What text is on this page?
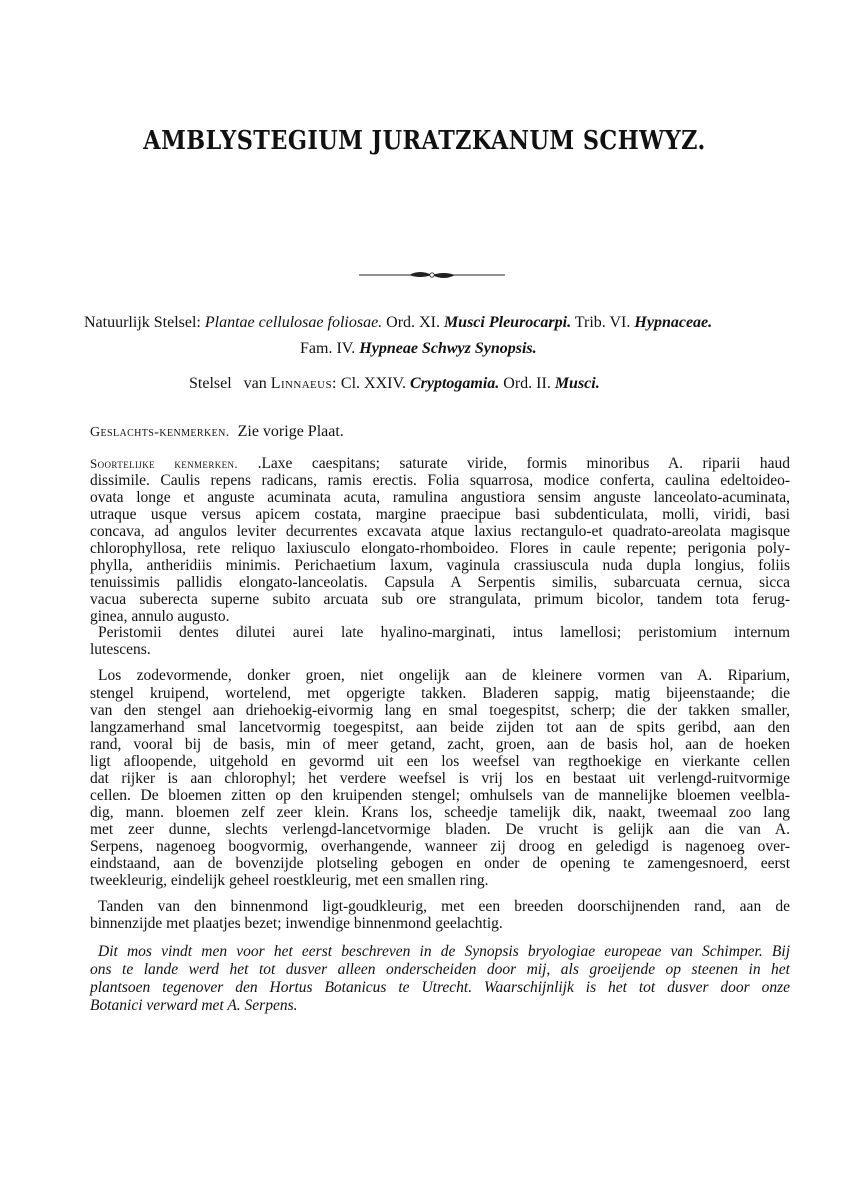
AMBLYSTEGIUM JURATZKANUM SCHWYZ.
Natuurlijk Stelsel: Plantae cellulosae foliosae. Ord. XI. Musci Pleurocarpi. Trib. VI. Hypnaceae.
Fam. IV. Hypneae Schwyz Synopsis.
Stelsel van Linnaeus: Cl. XXIV. Cryptogamia. Ord. II. Musci.
Geslachts-kenmerken. Zie vorige Plaat.
Soortelijke kenmerken. .Laxe caespitans; saturate viride, formis minoribus A. riparii haud
dissimile. Caulis repens radicans, ramis erectis. Folia squarrosa, modice conferta, caulina edeltoideo-
ovata longe et anguste acuminata acuta, ramulina angustiora sensim anguste lanceolato-acuminata,
utraque usque versus apicem costata, margine praecipue basi subdenticulata, molli, viridi, basi
concava, ad angulos leviter decurrentes excavata atque laxius rectangulo-et quadrato-areolata magisque
chlorophyllosa, rete reliquo laxiusculo elongato-rhomboideo. Flores in caule repente; perigonia poly-
phylla, antheridiis minimis. Perichaetium laxum, vaginula crassiuscula nuda dupla longius, foliis
tenuissimis pallidis elongato-lanceolatis. Capsula A Serpentis similis, subarcuata cernua, sicca
vacua suberecta superne subito arcuata sub ore strangulata, primum bicolor, tandem tota ferug-
ginea, annulo augusto.
Peristomii dentes dilutei aurei late hyalino-marginati, intus lamellosi; peristomium internum
lutescens.
Los zodevormende, donker groen, niet ongelijk aan de kleinere vormen van A. Riparium,
stengel kruipend, wortelend, met opgerigte takken. Bladeren sappig, matig bijeenstaande; die
van den stengel aan driehoekig-eivormig lang en smal toegespitst, scherp; die der takken smaller,
langzamerhand smal lancetvormig toegespitst, aan beide zijden tot aan de spits geribd, aan den
rand, vooral bij de basis, min of meer getand, zacht, groen, aan de basis hol, aan de hoeken
ligt afloopende, uitgehold en gevormd uit een los weefsel van regthoekige en vierkante cellen
dat rijker is aan chlorophyl; het verdere weefsel is vrij los en bestaat uit verlengd-ruitvormige
cellen. De bloemen zitten op den kruipenden stengel; omhulsels van de mannelijke bloemen veelbla-
dig, mann. bloemen zelf zeer klein. Krans los, scheedje tamelijk dik, naakt, tweemaal zoo lang
met zeer dunne, slechts verlengd-lancetvormige bladen. De vrucht is gelijk aan die van A.
Serpens, nagenoeg boogvormig, overhangende, wanneer zij droog en geledigd is nagenoeg over-
eindstaand, aan de bovenzijde plotseling gebogen en onder de opening te zamengesnoerd, eerst
tweekleurig, eindelijk geheel roestkleurig, met een smallen ring.
Tanden van den binnenmond ligt-goudkleurig, met een breeden doorschijnenden rand, aan de
binnenzijde met plaatjes bezet; inwendige binnenmond geelachtig.
Dit mos vindt men voor het eerst beschreven in de Synopsis bryologiae europeae van Schimper. Bij
ons te lande werd het tot dusver alleen onderscheiden door mij, als groeijende op steenen in het
plantsoen tegenover den Hortus Botanicus te Utrecht. Waarschijnlijk is het tot dusver door onze
Botanici verward met A. Serpens.
